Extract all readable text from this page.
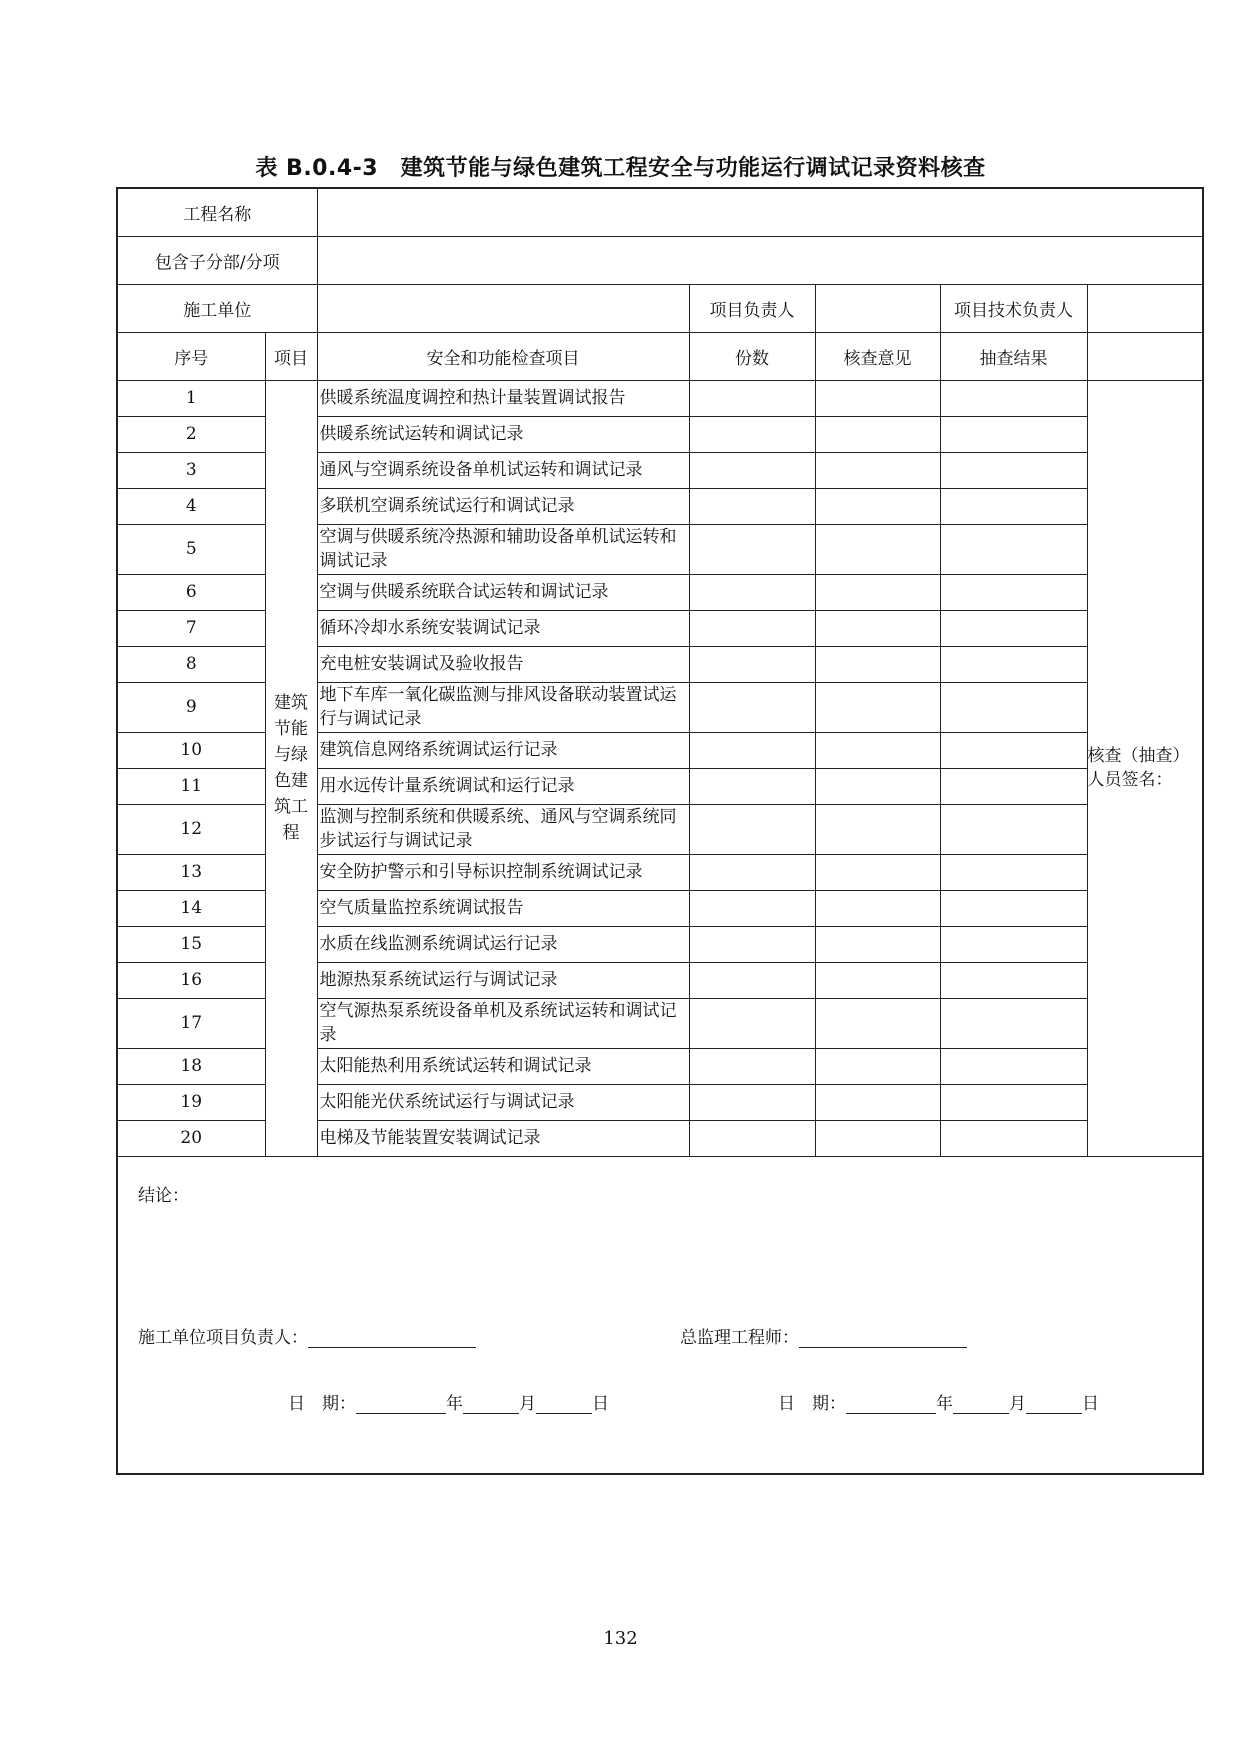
表 B.0.4-3　建筑节能与绿色建筑工程安全与功能运行调试记录资料核查
工程名称						
包含子分部/分项						
施工单位			项目负责人		项目技术负责人	
序号	项目	安全和功能检查项目	份数	核查意见	抽查结果	
1	建筑节能与绿色建筑工程	供暖系统温度调控和热计量装置调试报告				核查（抽查）人员签名：

2		供暖系统试运转和调试记录				
3		通风与空调系统设备单机试运转和调试记录				
4		多联机空调系统试运行和调试记录				
5		空调与供暖系统冷热源和辅助设备单机试运转和调试记录				
6		空调与供暖系统联合试运转和调试记录				
7		循环冷却水系统安装调试记录				
8		充电桩安装调试及验收报告				
9		地下车库一氧化碳监测与排风设备联动装置试运行与调试记录				
10		建筑信息网络系统调试运行记录				
11		用水远传计量系统调试和运行记录				
12		监测与控制系统和供暖系统、通风与空调系统同步试运行与调试记录				
13		安全防护警示和引导标识控制系统调试记录				
14		空气质量监控系统调试报告				
15		水质在线监测系统调试运行记录				
16		地源热泵系统试运行与调试记录				
17		空气源热泵系统设备单机及系统试运转和调试记录				
18		太阳能热利用系统试运转和调试记录				
19		太阳能光伏系统试运行与调试记录				
20		电梯及节能装置安装调试记录				

结论：
施工单位项目负责人： 总监理工程师：
日　期： 年 月 日 日　期： 年 月 日						
132
